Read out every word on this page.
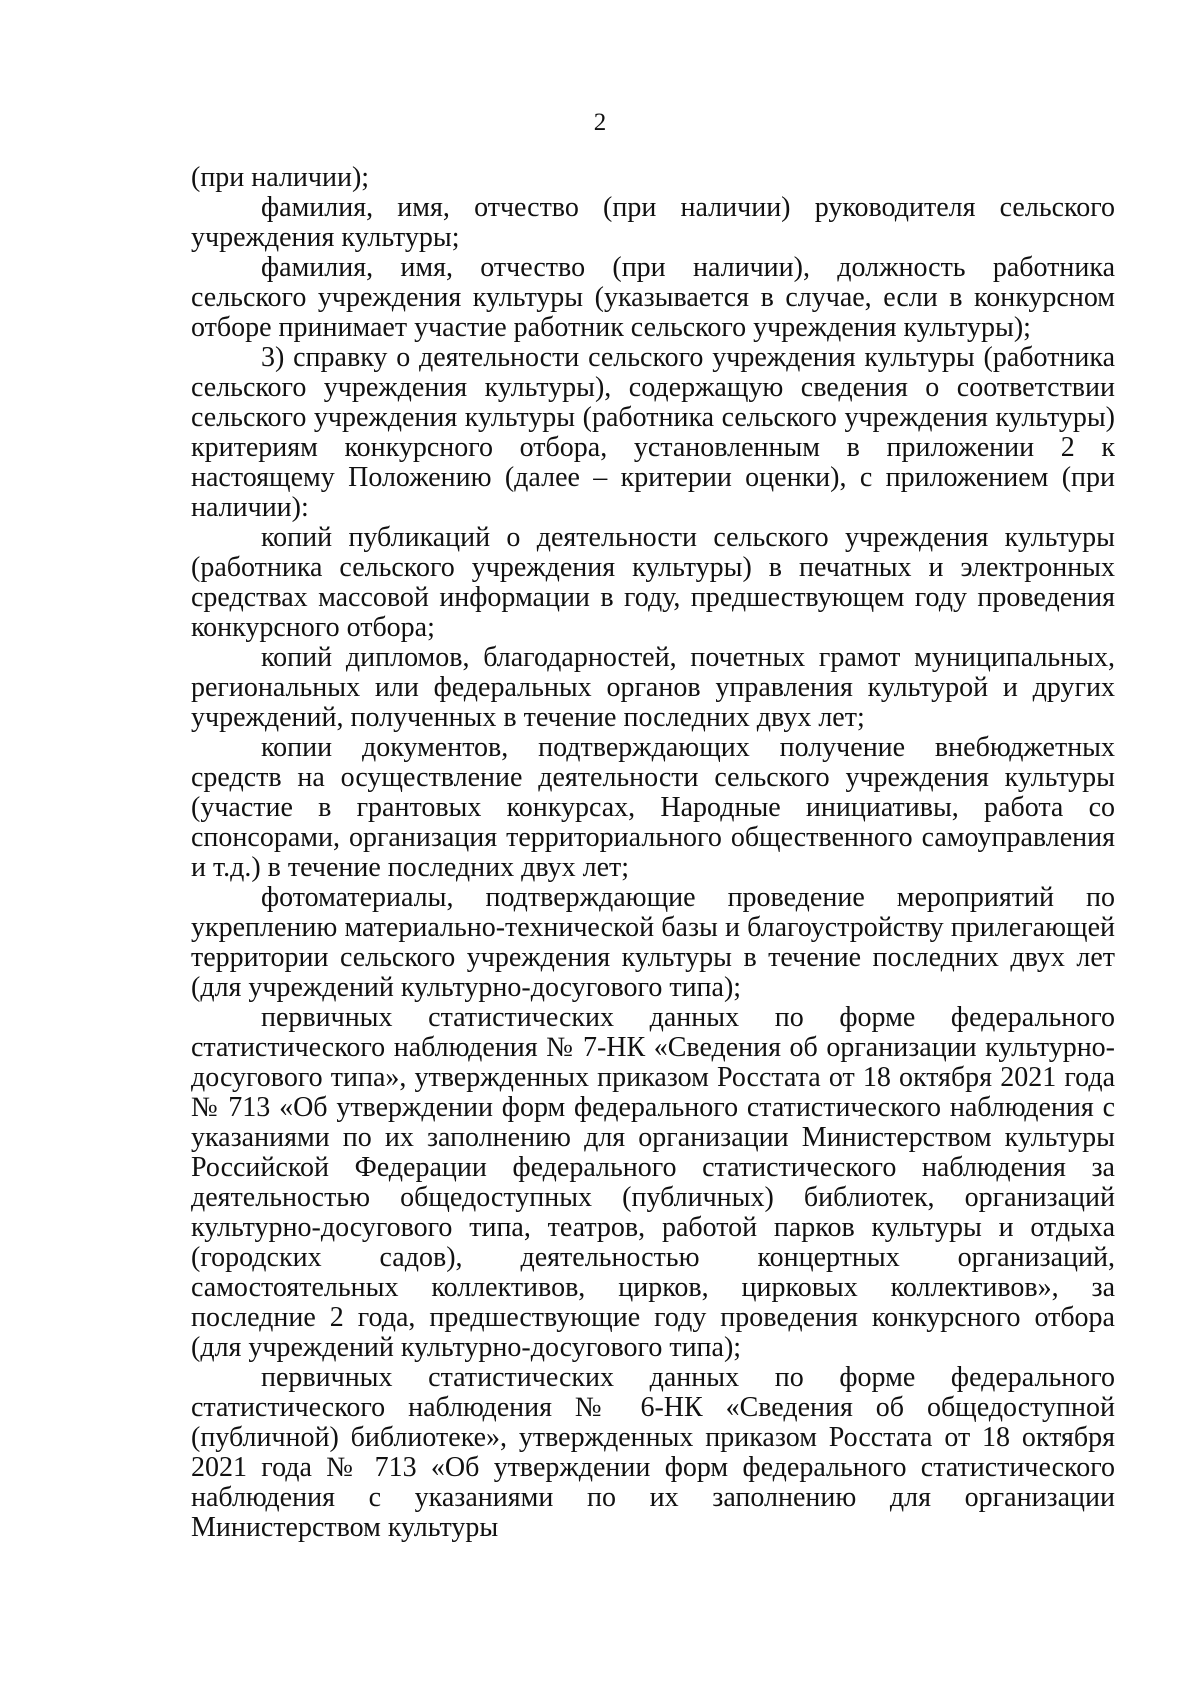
2

(при наличии);

фамилия, имя, отчество (при наличии) руководителя сельского учреждения культуры;

фамилия, имя, отчество (при наличии), должность работника сельского учреждения культуры (указывается в случае, если в конкурсном отборе принимает участие работник сельского учреждения культуры);

3) справку о деятельности сельского учреждения культуры (работника сельского учреждения культуры), содержащую сведения о соответствии сельского учреждения культуры (работника сельского учреждения культуры) критериям конкурсного отбора, установленным в приложении 2 к настоящему Положению (далее – критерии оценки), с приложением (при наличии):

копий публикаций о деятельности сельского учреждения культуры (работника сельского учреждения культуры) в печатных и электронных средствах массовой информации в году, предшествующем году проведения конкурсного отбора;

копий дипломов, благодарностей, почетных грамот муниципальных, региональных или федеральных органов управления культурой и других учреждений, полученных в течение последних двух лет;

копии документов, подтверждающих получение внебюджетных средств на осуществление деятельности сельского учреждения культуры (участие в грантовых конкурсах, Народные инициативы, работа со спонсорами, организация территориального общественного самоуправления и т.д.) в течение последних двух лет;

фотоматериалы, подтверждающие проведение мероприятий по укреплению материально-технической базы и благоустройству прилегающей территории сельского учреждения культуры в течение последних двух лет (для учреждений культурно-досугового типа);

первичных статистических данных по форме федерального статистического наблюдения № 7-НК «Сведения об организации культурно-досугового типа», утвержденных приказом Росстата от 18 октября 2021 года № 713 «Об утверждении форм федерального статистического наблюдения с указаниями по их заполнению для организации Министерством культуры Российской Федерации федерального статистического наблюдения за деятельностью общедоступных (публичных) библиотек, организаций культурно-досугового типа, театров, работой парков культуры и отдыха (городских садов), деятельностью концертных организаций, самостоятельных коллективов, цирков, цирковых коллективов», за последние 2 года, предшествующие году проведения конкурсного отбора (для учреждений культурно-досугового типа);

первичных статистических данных по форме федерального статистического наблюдения № 6-НК «Сведения об общедоступной (публичной) библиотеке», утвержденных приказом Росстата от 18 октября 2021 года № 713 «Об утверждении форм федерального статистического наблюдения с указаниями по их заполнению для организации Министерством культуры
